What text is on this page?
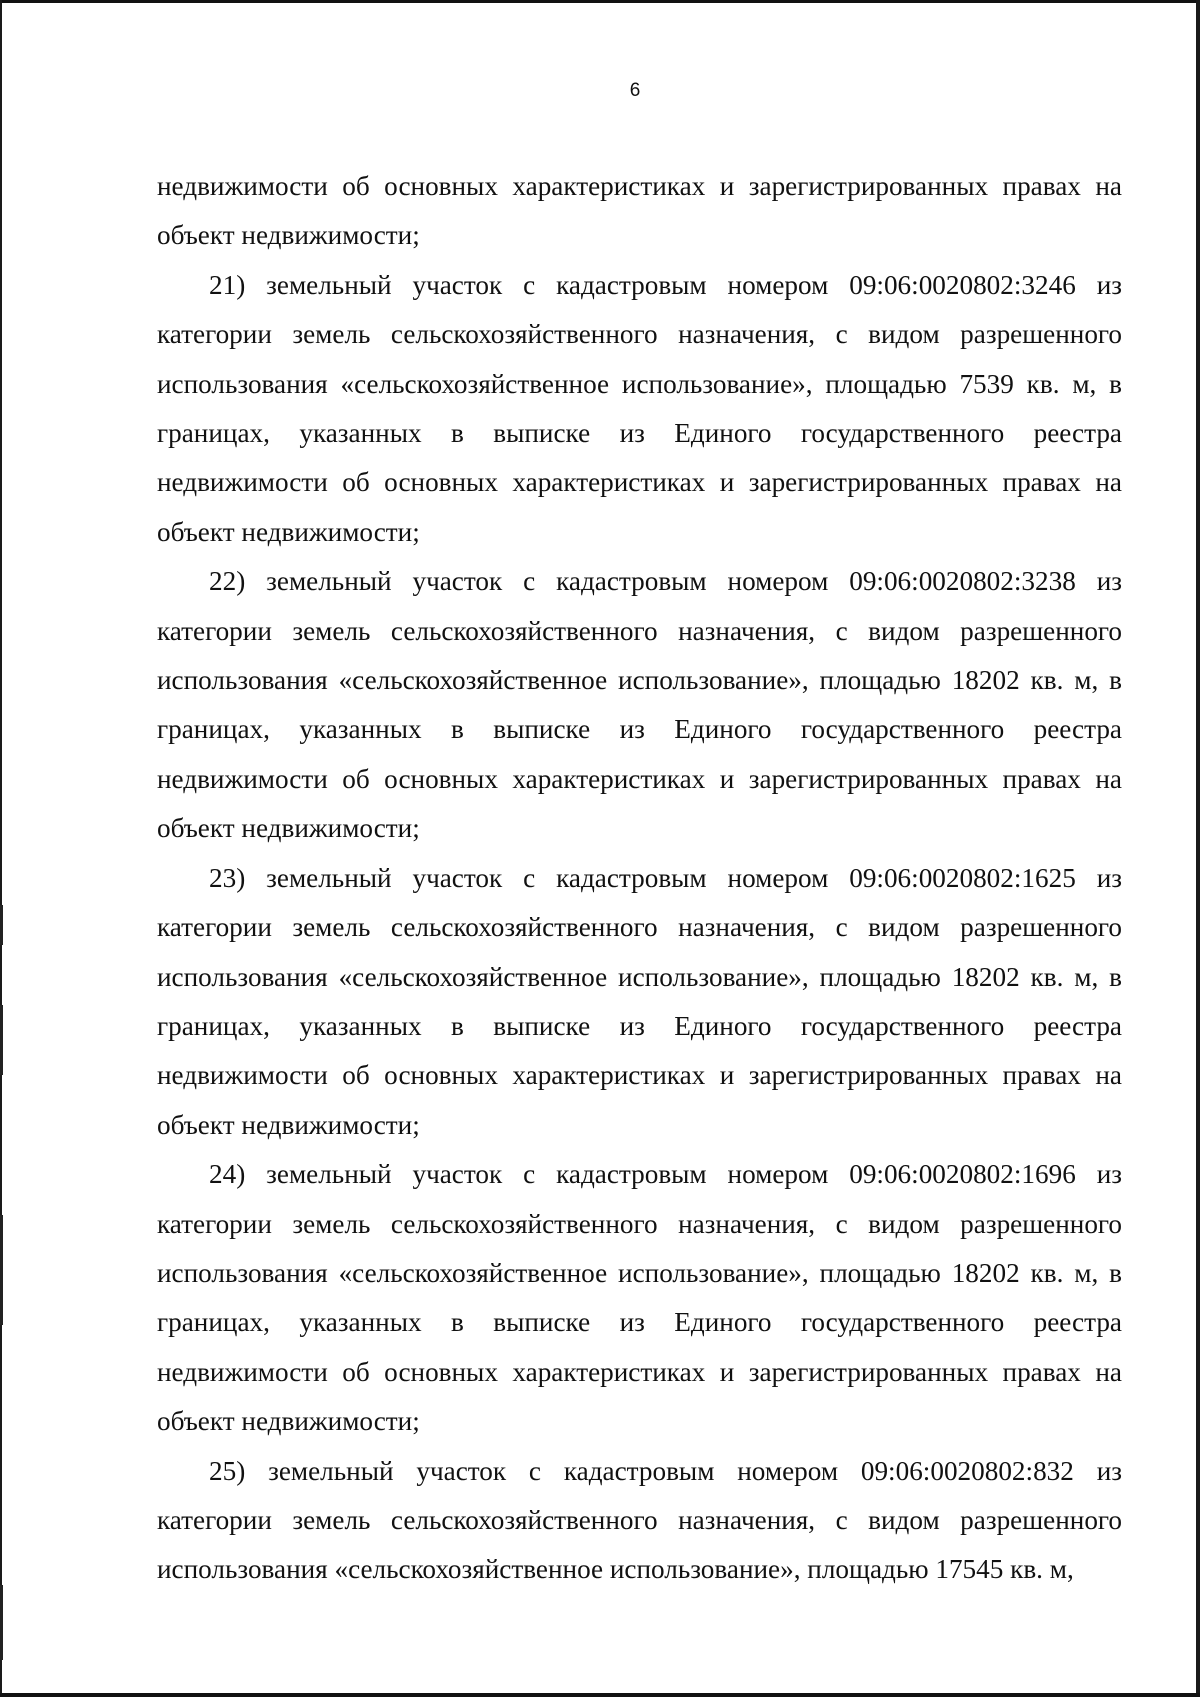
6

недвижимости об основных характеристиках и зарегистрированных правах на объект недвижимости;

21) земельный участок с кадастровым номером 09:06:0020802:3246 из категории земель сельскохозяйственного назначения, с видом разрешенного использования «сельскохозяйственное использование», площадью 7539 кв. м, в границах, указанных в выписке из Единого государственного реестра недвижимости об основных характеристиках и зарегистрированных правах на объект недвижимости;

22) земельный участок с кадастровым номером 09:06:0020802:3238 из категории земель сельскохозяйственного назначения, с видом разрешенного использования «сельскохозяйственное использование», площадью 18202 кв. м, в границах, указанных в выписке из Единого государственного реестра недвижимости об основных характеристиках и зарегистрированных правах на объект недвижимости;

23) земельный участок с кадастровым номером 09:06:0020802:1625 из категории земель сельскохозяйственного назначения, с видом разрешенного использования «сельскохозяйственное использование», площадью 18202 кв. м, в границах, указанных в выписке из Единого государственного реестра недвижимости об основных характеристиках и зарегистрированных правах на объект недвижимости;

24) земельный участок с кадастровым номером 09:06:0020802:1696 из категории земель сельскохозяйственного назначения, с видом разрешенного использования «сельскохозяйственное использование», площадью 18202 кв. м, в границах, указанных в выписке из Единого государственного реестра недвижимости об основных характеристиках и зарегистрированных правах на объект недвижимости;

25) земельный участок с кадастровым номером 09:06:0020802:832 из категории земель сельскохозяйственного назначения, с видом разрешенного использования «сельскохозяйственное использование», площадью 17545 кв. м,
